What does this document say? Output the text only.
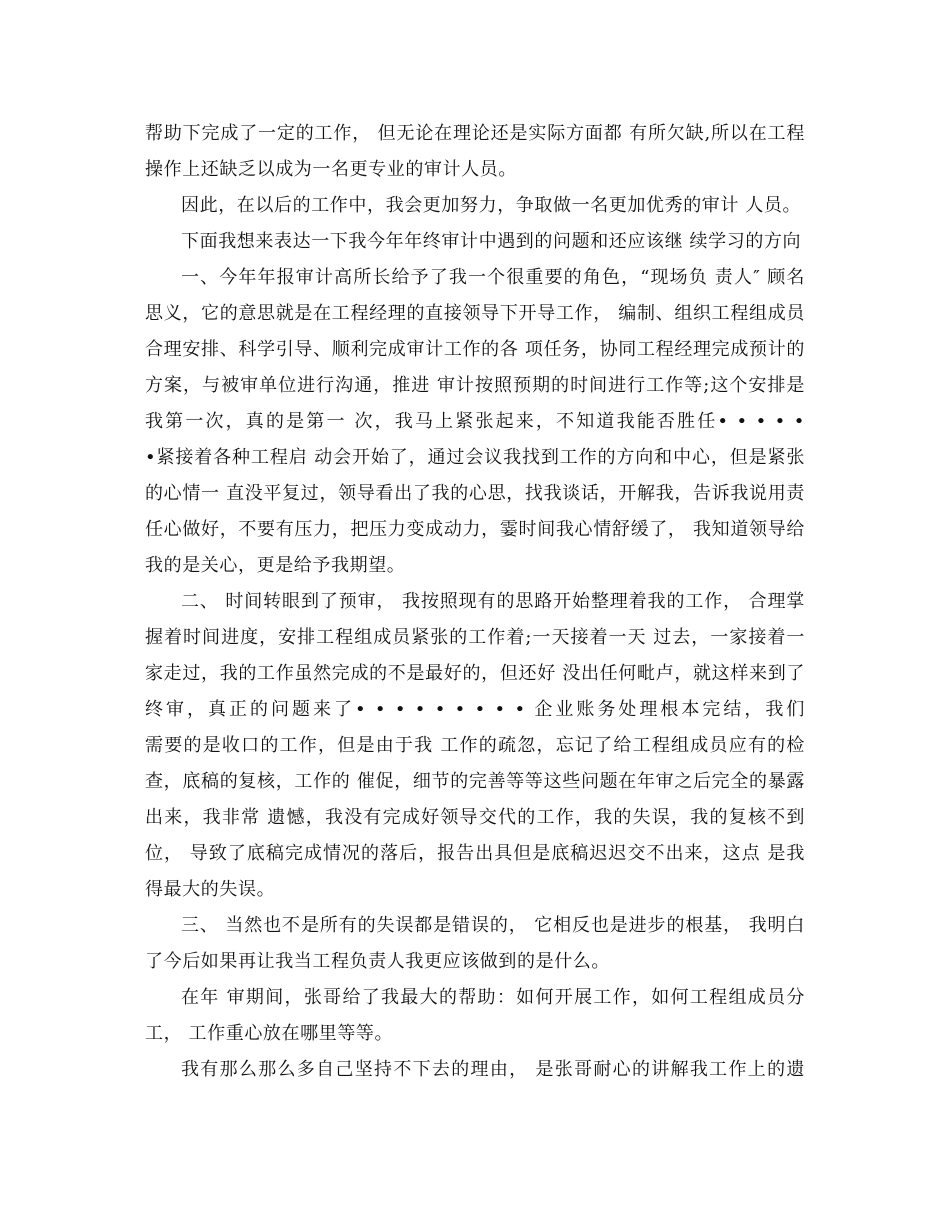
帮助下完成了一定的工作， 但无论在理论还是实际方面都 有所欠缺,所以在工程
操作上还缺乏以成为一名更专业的审计人员。
因此，在以后的工作中，我会更加努力，争取做一名更加优秀的审计 人员。
下面我想来表达一下我今年年终审计中遇到的问题和还应该继 续学习的方向
一、今年年报审计高所长给予了我一个很重要的角色，“现场负 责人″ 顾名
思义，它的意思就是在工程经理的直接领导下开导工作， 编制、组织工程组成员
合理安排、科学引导、顺利完成审计工作的各 项任务，协同工程经理完成预计的
方案，与被审单位进行沟通，推进 审计按照预期的时间进行工作等;这个安排是
我第一次，真的是第一 次，我马上紧张起来，不知道我能否胜任• • • • •
•紧接着各种工程启 动会开始了，通过会议我找到工作的方向和中心，但是紧张
的心情一 直没平复过，领导看出了我的心思，找我谈话，开解我，告诉我说用责
任心做好，不要有压力，把压力变成动力，霎时间我心情舒缓了， 我知道领导给
我的是关心，更是给予我期望。
二、 时间转眼到了预审， 我按照现有的思路开始整理着我的工作， 合理掌
握着时间进度，安排工程组成员紧张的工作着;一天接着一天 过去，一家接着一
家走过，我的工作虽然完成的不是最好的，但还好 没出任何毗卢，就这样来到了
终审，真正的问题来了• • • • • • • • • 企业账务处理根本完结，我们
需要的是收口的工作，但是由于我 工作的疏忽，忘记了给工程组成员应有的检
查，底稿的复核，工作的 催促，细节的完善等等这些问题在年审之后完全的暴露
出来，我非常 遗憾，我没有完成好领导交代的工作，我的失误，我的复核不到
位， 导致了底稿完成情况的落后，报告出具但是底稿迟迟交不出来，这点 是我
得最大的失误。
三、 当然也不是所有的失误都是错误的， 它相反也是进步的根基， 我明白
了今后如果再让我当工程负责人我更应该做到的是什么。
在年 审期间，张哥给了我最大的帮助：如何开展工作，如何工程组成员分
工， 工作重心放在哪里等等。
我有那么那么多自己坚持不下去的理由， 是张哥耐心的讲解我工作上的遗
